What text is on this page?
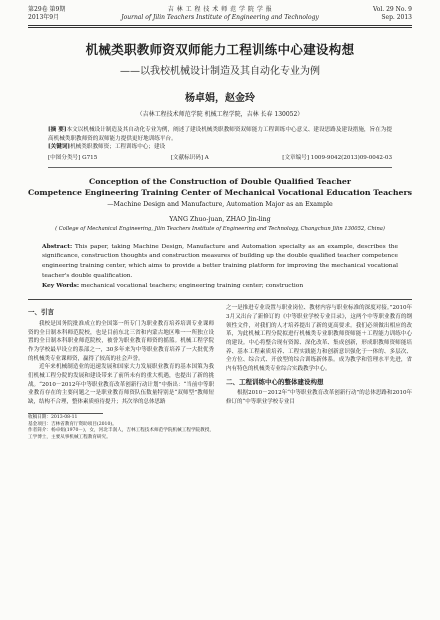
第29卷 第9期
2013年9月
吉 林 工 程 技 术 师 范 学 院 学 报
Journal of Jilin Teachers Institute of Engineering and Technology
Vol. 29 No. 9
Sep. 2013
机械类职教师资双师能力工程训练中心建设构想
——以我校机械设计制造及其自动化专业为例
杨卓娟，赵金玲
（吉林工程技术师范学院 机械工程学院，吉林 长春 130052）
[摘 要]本文以机械设计制造及其自动化专业为例，阐述了建设机械类职教师资双师能力工程训练中心意义、建设思路及建设措施，旨在为提高机械类职教师资的双师能力提供更好地训练平台。
[关键词]机械类职教师资；工程训练中心；建设
[中图分类号] G715	[文献标识码] A	[文章编号] 1009-9042(2013)09-0042-03
Conception of the Construction of Double Qualified Teacher
Competence Engineering Training Center of Mechanical Vocational Education Teachers
—Machine Design and Manufacture, Automation Major as an Example
YANG Zhuo-juan, ZHAO Jin-ling
( College of Mechanical Engineering, Jilin Teachers Institute of Engineering and Technology, Changchun Jilin 130052, China)
Abstract: This paper, taking Machine Design, Manufacture and Automation specialty as an example, describes the significance, construction thoughts and construction measures of building up the double qualified teacher competence engineering training center, which aims to provide a better training platform for improving the mechanical vocational teacher's double qualification.
Key Words: mechanical vocational teachers; engineering training center; construction
一、引言

我校是国务院批准成立的全国第一所专门为职业教育培养培训专业课师资的全日制本科师范院校，也是目前东北三省和内蒙古地区唯一一所独立设置的全日制本科职业师范院校，被誉为职业教育师资的摇篮。机械工程学院作为学校最早设立的系部之一，30多年来为中等职业教育培养了一大批优秀的机械类专业课师资，赢得了较高的社会声誉。

近年来机械制造业的迅速发展和国家大力发展职业教育的基本国策为我们机械工程分院的发展和建设带来了前所未有的重大机遇，也提出了新的挑战。“2010－2012年中等职业教育改革创新行动计划”中指出：“当前中等职业教育存在的主要问题之一是职业教育师资队伍数量特别是“双师型”教师短缺，结构不合理，整体素质亟待提升；其次举的总体思路

收稿日期：2013-08-11
基金项目：吉林省教育厅资助项目(2010)。
作者简介：杨卓娟(1970－)，女，河北丰润人，吉林工程技术师范学院机械工程学院教授，工学博士，主要从事机械工程教育研究。

之一是推进专业设置与职业岗位、教材内容与职业标准的深度对接。”2010年3月又出台了新修订的《中等职业学校专业目录》，这两个中等职业教育的纲领性文件，对我们的人才培养提出了新的更高要求。我们必须做出相应的改革，为此机械工程分院拟进行机械类专业职教师资师能＋工程能力训练中心的建设。中心将整合现有资源、深化改革、集成创新，形成职教师资师能培养、基本工程素质培养、工程实践能力和创新意识强化于一体的、多层次、全方位、综合式、开放型的综合训练新体系。成为教学和管理水平先进，省内有特色的机械类专业综合实践教学中心。

二、工程训练中心的整体建设构想

根据2010－2012年“中等职业教育改革创新行动”的总体思路和2010年修订的“中等职业学校专业目
